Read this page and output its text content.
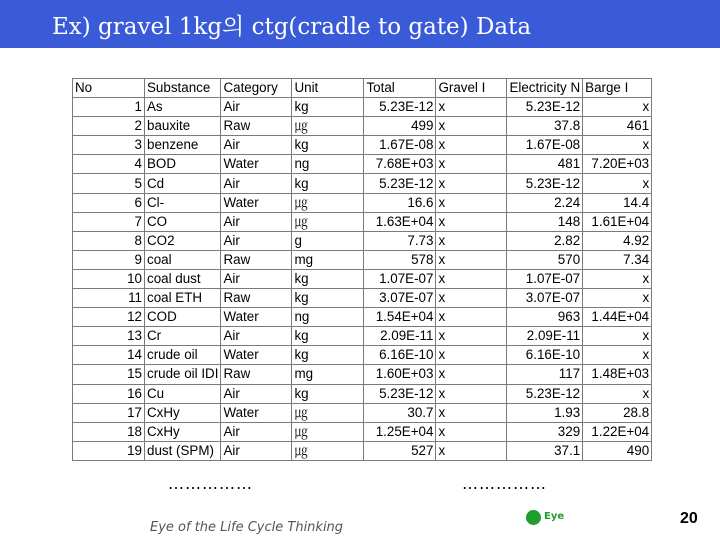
Ex) gravel 1kg의 ctg(cradle to gate) Data
No	Substance	Category	Unit	Total	Gravel I	Electricity N	Barge I
1	As	Air	kg	5.23E-12	x	5.23E-12	x
2	bauxite	Raw	㎍	499	x	37.8	461
3	benzene	Air	kg	1.67E-08	x	1.67E-08	x
4	BOD	Water	ng	7.68E+03	x	481	7.20E+03
5	Cd	Air	kg	5.23E-12	x	5.23E-12	x
6	Cl-	Water	㎍	16.6	x	2.24	14.4
7	CO	Air	㎍	1.63E+04	x	148	1.61E+04
8	CO2	Air	g	7.73	x	2.82	4.92
9	coal	Raw	mg	578	x	570	7.34
10	coal dust	Air	kg	1.07E-07	x	1.07E-07	x
11	coal ETH	Raw	kg	3.07E-07	x	3.07E-07	x
12	COD	Water	ng	1.54E+04	x	963	1.44E+04
13	Cr	Air	kg	2.09E-11	x	2.09E-11	x
14	crude oil	Water	kg	6.16E-10	x	6.16E-10	x
15	crude oil IDI	Raw	mg	1.60E+03	x	117	1.48E+03
16	Cu	Air	kg	5.23E-12	x	5.23E-12	x
17	CxHy	Water	㎍	30.7	x	1.93	28.8
18	CxHy	Air	㎍	1.25E+04	x	329	1.22E+04
19	dust (SPM)	Air	㎍	527	x	37.1	490
……………	……………
Eye of the Life Cycle Thinking
Eye	20
